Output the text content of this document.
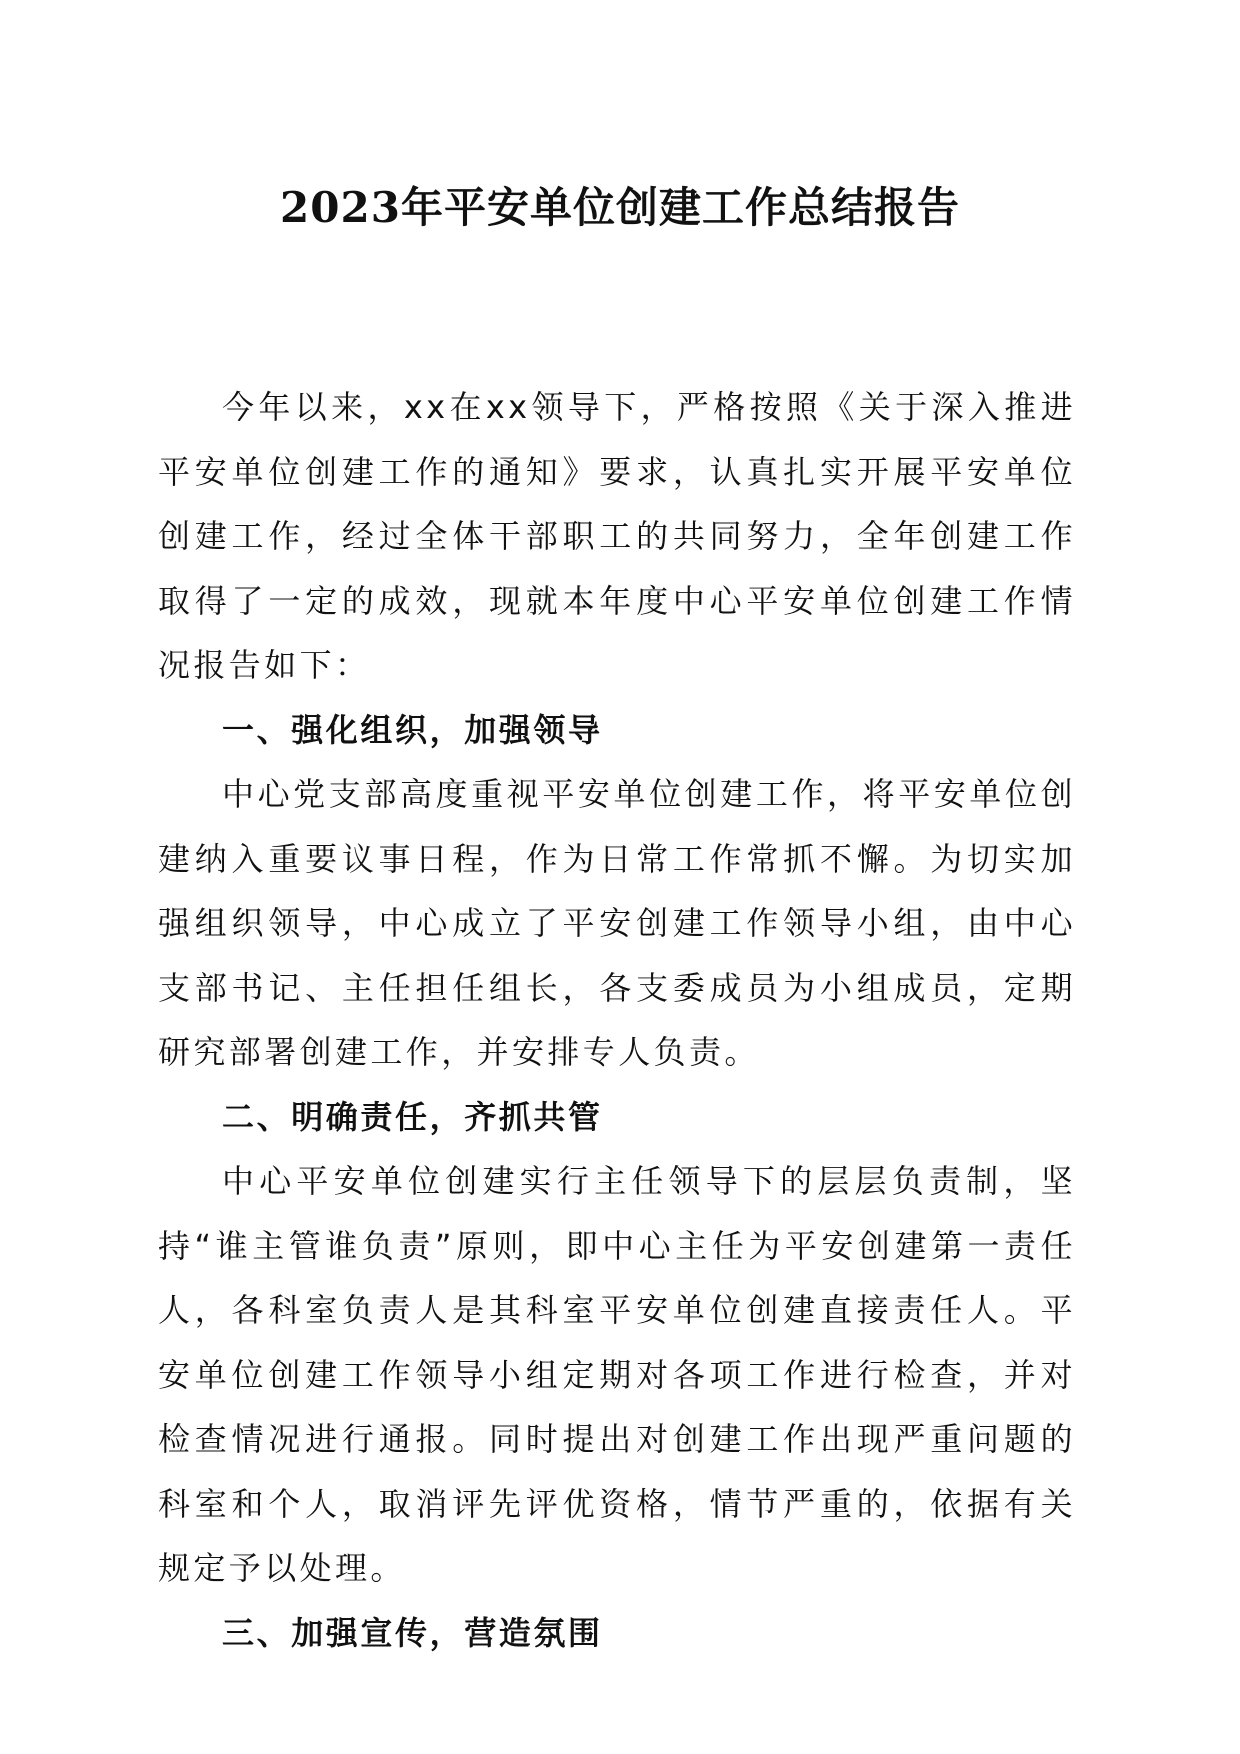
2023年平安单位创建工作总结报告

今年以来，xx在xx领导下，严格按照《关于深入推进平安单位创建工作的通知》要求，认真扎实开展平安单位创建工作，经过全体干部职工的共同努力，全年创建工作取得了一定的成效，现就本年度中心平安单位创建工作情况报告如下：

一、强化组织，加强领导

中心党支部高度重视平安单位创建工作，将平安单位创建纳入重要议事日程，作为日常工作常抓不懈。为切实加强组织领导，中心成立了平安创建工作领导小组，由中心支部书记、主任担任组长，各支委成员为小组成员，定期研究部署创建工作，并安排专人负责。

二、明确责任，齐抓共管

中心平安单位创建实行主任领导下的层层负责制，坚持“谁主管谁负责”原则，即中心主任为平安创建第一责任人，各科室负责人是其科室平安单位创建直接责任人。平安单位创建工作领导小组定期对各项工作进行检查，并对检查情况进行通报。同时提出对创建工作出现严重问题的科室和个人，取消评先评优资格，情节严重的，依据有关规定予以处理。

三、加强宣传，营造氛围
